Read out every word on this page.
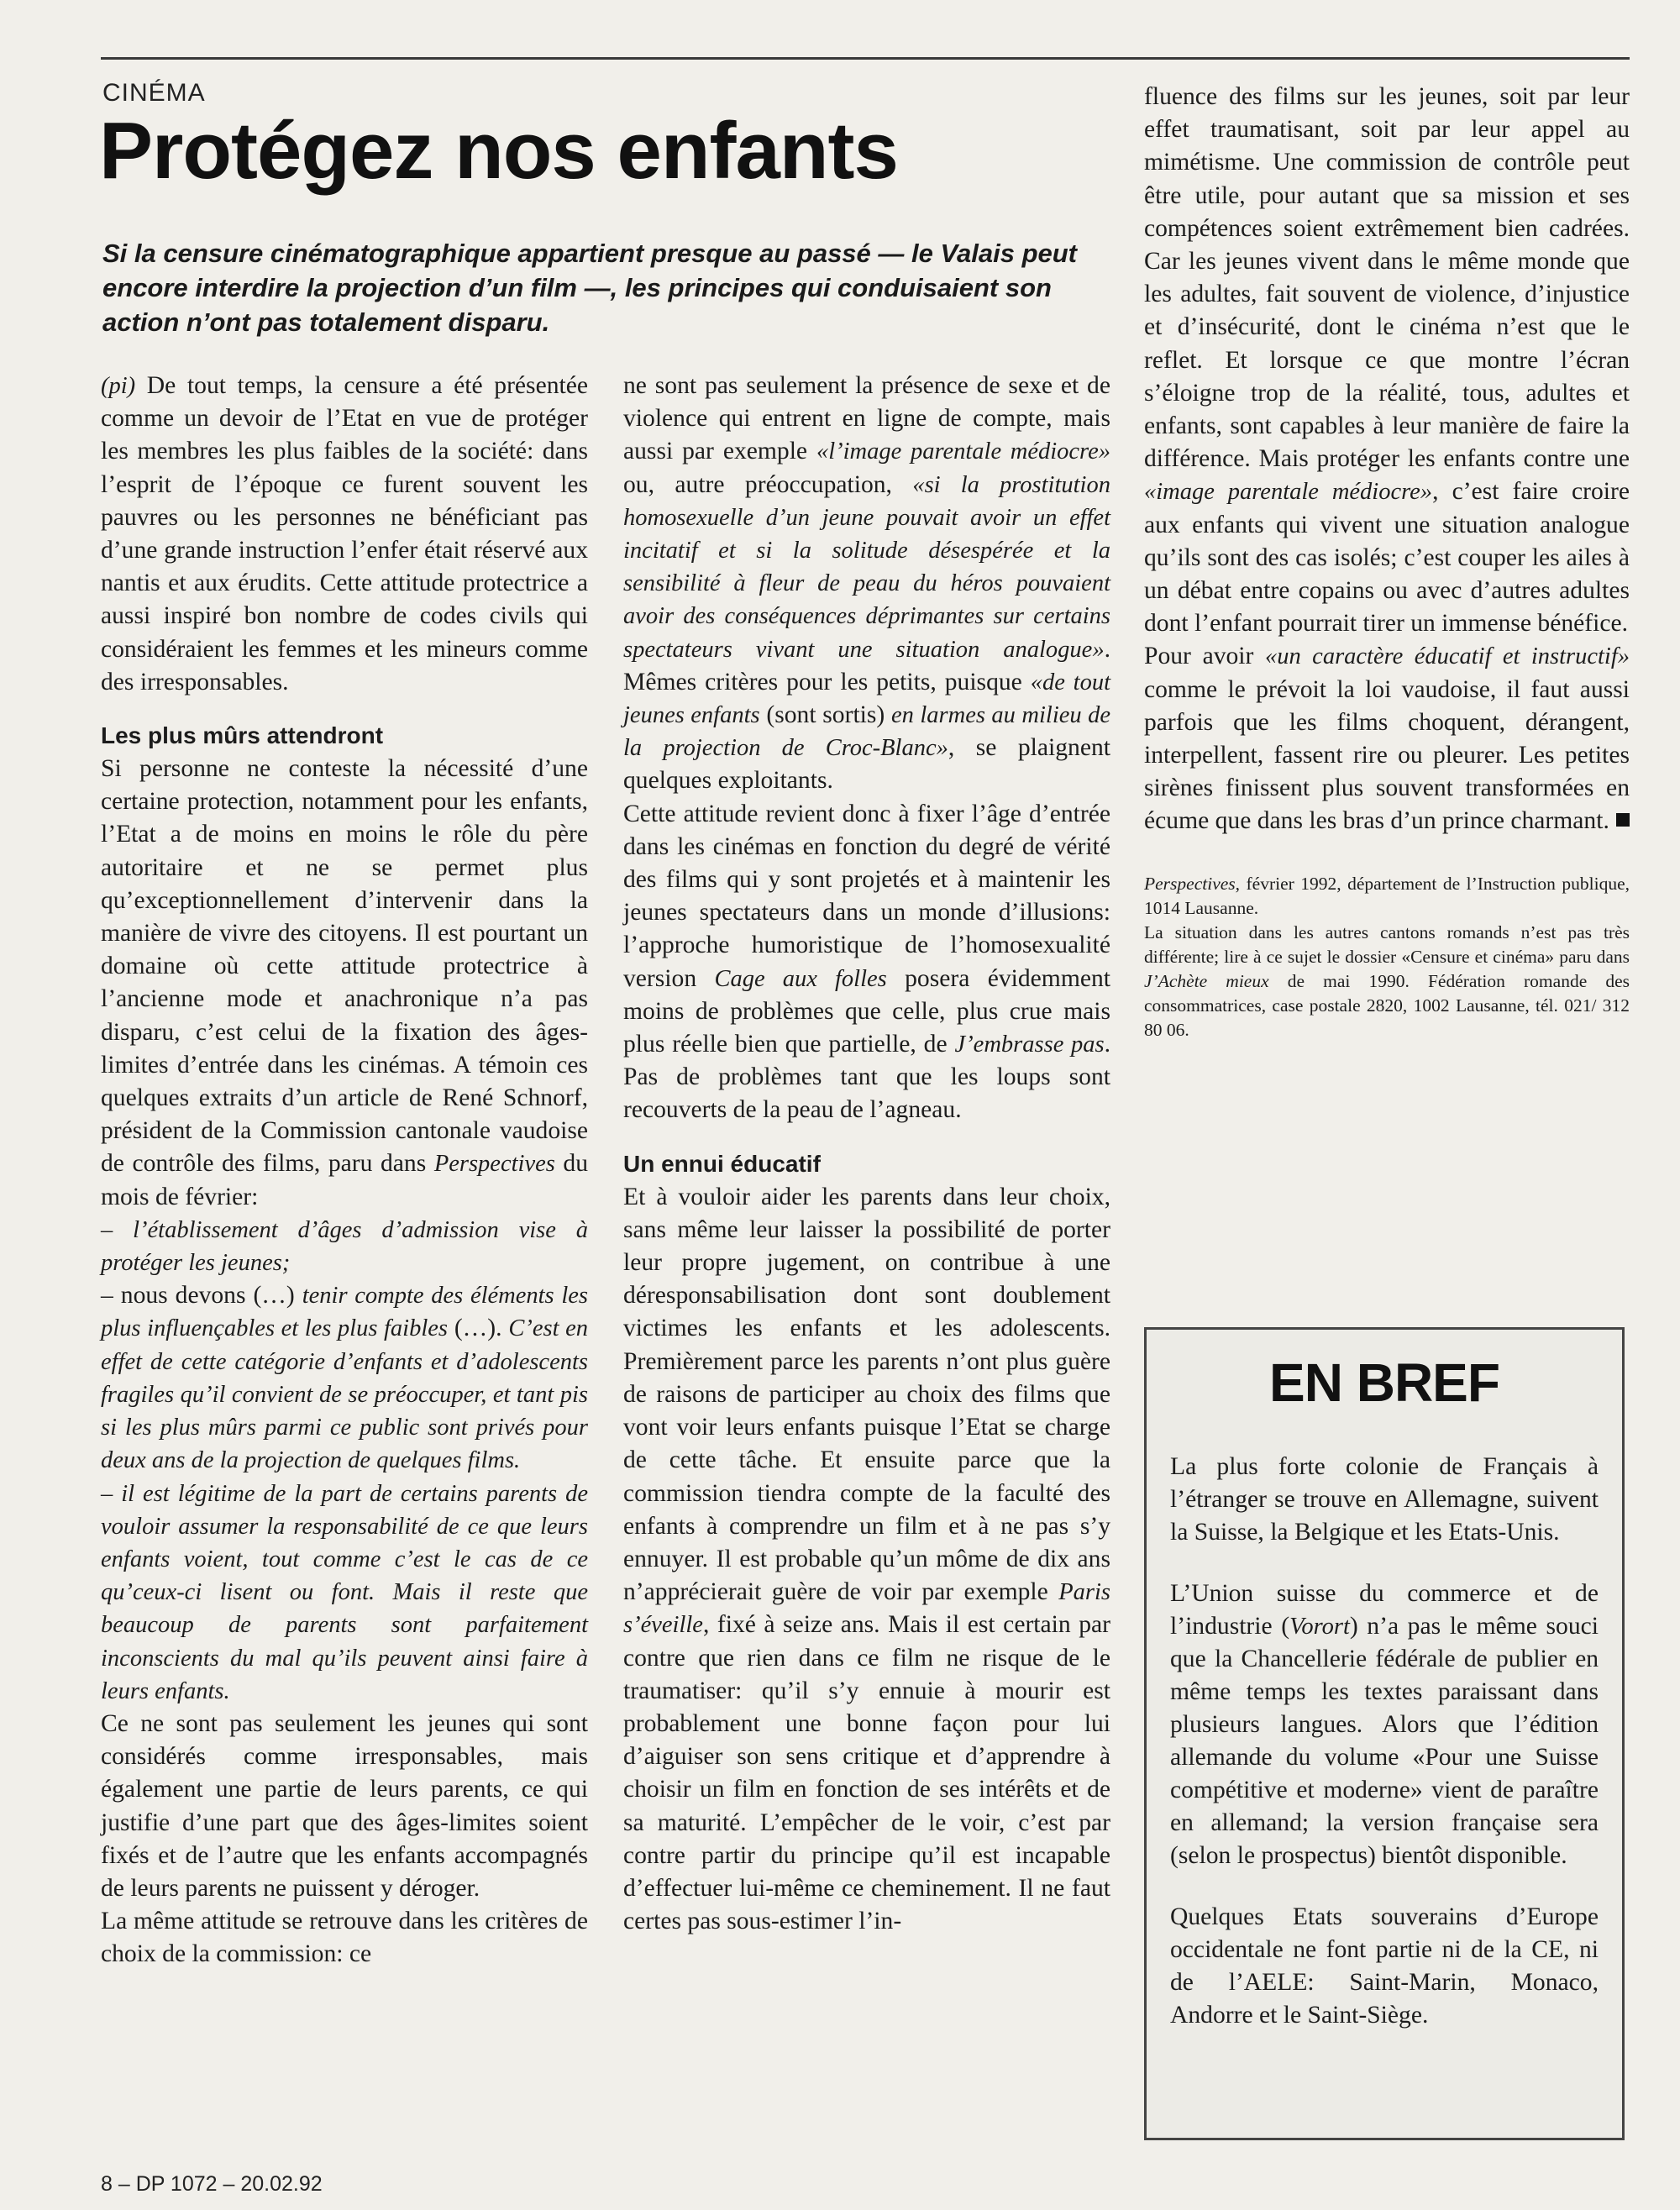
CINÉMA
Protégez nos enfants

Si la censure cinématographique appartient presque au passé — le Valais peut encore interdire la projection d’un film —, les principes qui conduisaient son action n’ont pas totalement disparu.

(pi) De tout temps, la censure a été présentée comme un devoir de l’Etat en vue de protéger les membres les plus faibles de la société: dans l’esprit de l’époque ce furent souvent les pauvres ou les personnes ne bénéficiant pas d’une grande instruction l’enfer était réservé aux nantis et aux érudits. Cette attitude protectrice a aussi inspiré bon nombre de codes civils qui considéraient les femmes et les mineurs comme des irresponsables.

Les plus mûrs attendront

Si personne ne conteste la nécessité d’une certaine protection, notamment pour les enfants, l’Etat a de moins en moins le rôle du père autoritaire et ne se permet plus qu’exceptionnellement d’intervenir dans la manière de vivre des citoyens. Il est pourtant un domaine où cette attitude protectrice à l’ancienne mode et anachronique n’a pas disparu, c’est celui de la fixation des âges-limites d’entrée dans les cinémas. A témoin ces quelques extraits d’un article de René Schnorf, président de la Commission cantonale vaudoise de contrôle des films, paru dans Perspectives du mois de février:

– l’établissement d’âges d’admission vise à protéger les jeunes;

– nous devons (…) tenir compte des éléments les plus influençables et les plus faibles (…). C’est en effet de cette catégorie d’enfants et d’adolescents fragiles qu’il convient de se préoccuper, et tant pis si les plus mûrs parmi ce public sont privés pour deux ans de la projection de quelques films.

– il est légitime de la part de certains parents de vouloir assumer la responsabilité de ce que leurs enfants voient, tout comme c’est le cas de ce qu’ceux-ci lisent ou font. Mais il reste que beaucoup de parents sont parfaitement inconscients du mal qu’ils peuvent ainsi faire à leurs enfants.

Ce ne sont pas seulement les jeunes qui sont considérés comme irresponsables, mais également une partie de leurs parents, ce qui justifie d’une part que des âges-limites soient fixés et de l’autre que les enfants accompagnés de leurs parents ne puissent y déroger.

La même attitude se retrouve dans les critères de choix de la commission: ce

ne sont pas seulement la présence de sexe et de violence qui entrent en ligne de compte, mais aussi par exemple «l’image parentale médiocre» ou, autre préoccupation, «si la prostitution homosexuelle d’un jeune pouvait avoir un effet incitatif et si la solitude désespérée et la sensibilité à fleur de peau du héros pouvaient avoir des conséquences déprimantes sur certains spectateurs vivant une situation analogue». Mêmes critères pour les petits, puisque «de tout jeunes enfants (sont sortis) en larmes au milieu de la projection de Croc-Blanc», se plaignent quelques exploitants.

Cette attitude revient donc à fixer l’âge d’entrée dans les cinémas en fonction du degré de vérité des films qui y sont projetés et à maintenir les jeunes spectateurs dans un monde d’illusions: l’approche humoristique de l’homosexualité version Cage aux folles posera évidemment moins de problèmes que celle, plus crue mais plus réelle bien que partielle, de J’embrasse pas. Pas de problèmes tant que les loups sont recouverts de la peau de l’agneau.

Un ennui éducatif

Et à vouloir aider les parents dans leur choix, sans même leur laisser la possibilité de porter leur propre jugement, on contribue à une déresponsabilisation dont sont doublement victimes les enfants et les adolescents. Premièrement parce les parents n’ont plus guère de raisons de participer au choix des films que vont voir leurs enfants puisque l’Etat se charge de cette tâche. Et ensuite parce que la commission tiendra compte de la faculté des enfants à comprendre un film et à ne pas s’y ennuyer. Il est probable qu’un môme de dix ans n’apprécierait guère de voir par exemple Paris s’éveille, fixé à seize ans. Mais il est certain par contre que rien dans ce film ne risque de le traumatiser: qu’il s’y ennuie à mourir est probablement une bonne façon pour lui d’aiguiser son sens critique et d’apprendre à choisir un film en fonction de ses intérêts et de sa maturité. L’empêcher de le voir, c’est par contre partir du principe qu’il est incapable d’effectuer lui-même ce cheminement. Il ne faut certes pas sous-estimer l’in-

fluence des films sur les jeunes, soit par leur effet traumatisant, soit par leur appel au mimétisme. Une commission de contrôle peut être utile, pour autant que sa mission et ses compétences soient extrêmement bien cadrées. Car les jeunes vivent dans le même monde que les adultes, fait souvent de violence, d’injustice et d’insécurité, dont le cinéma n’est que le reflet. Et lorsque ce que montre l’écran s’éloigne trop de la réalité, tous, adultes et enfants, sont capables à leur manière de faire la différence. Mais protéger les enfants contre une «image parentale médiocre», c’est faire croire aux enfants qui vivent une situation analogue qu’ils sont des cas isolés; c’est couper les ailes à un débat entre copains ou avec d’autres adultes dont l’enfant pourrait tirer un immense bénéfice.

Pour avoir «un caractère éducatif et instructif» comme le prévoit la loi vaudoise, il faut aussi parfois que les films choquent, dérangent, interpellent, fassent rire ou pleurer. Les petites sirènes finissent plus souvent transformées en écume que dans les bras d’un prince charmant.

Perspectives, février 1992, département de l’Instruction publique, 1014 Lausanne.
La situation dans les autres cantons romands n’est pas très différente; lire à ce sujet le dossier «Censure et cinéma» paru dans J’Achète mieux de mai 1990. Fédération romande des consommatrices, case postale 2820, 1002 Lausanne, tél. 021/ 312 80 06.

EN BREF

La plus forte colonie de Français à l’étranger se trouve en Allemagne, suivent la Suisse, la Belgique et les Etats-Unis.

L’Union suisse du commerce et de l’industrie (Vorort) n’a pas le même souci que la Chancellerie fédérale de publier en même temps les textes paraissant dans plusieurs langues. Alors que l’édition allemande du volume «Pour une Suisse compétitive et moderne» vient de paraître en allemand; la version française sera (selon le prospectus) bientôt disponible.

Quelques Etats souverains d’Europe occidentale ne font partie ni de la CE, ni de l’AELE: Saint-Marin, Monaco, Andorre et le Saint-Siège.

8 – DP 1072 – 20.02.92
